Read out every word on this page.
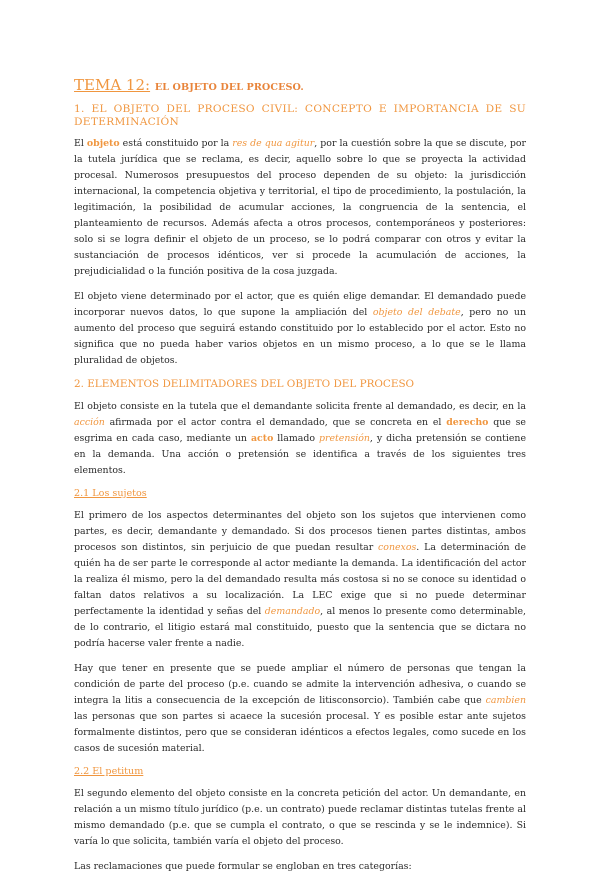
TEMA 12: EL OBJETO DEL PROCESO.
1. EL OBJETO DEL PROCESO CIVIL: CONCEPTO E IMPORTANCIA DE SU DETERMINACIÓN

El objeto está constituido por la res de qua agitur, por la cuestión sobre la que se discute, por la tutela jurídica que se reclama, es decir, aquello sobre lo que se proyecta la actividad procesal. Numerosos presupuestos del proceso dependen de su objeto: la jurisdicción internacional, la competencia objetiva y territorial, el tipo de procedimiento, la postulación, la legitimación, la posibilidad de acumular acciones, la congruencia de la sentencia, el planteamiento de recursos. Además afecta a otros procesos, contemporáneos y posteriores: solo si se logra definir el objeto de un proceso, se lo podrá comparar con otros y evitar la sustanciación de procesos idénticos, ver si procede la acumulación de acciones, la prejudicialidad o la función positiva de la cosa juzgada.

El objeto viene determinado por el actor, que es quién elige demandar. El demandado puede incorporar nuevos datos, lo que supone la ampliación del objeto del debate, pero no un aumento del proceso que seguirá estando constituido por lo establecido por el actor. Esto no significa que no pueda haber varios objetos en un mismo proceso, a lo que se le llama pluralidad de objetos.

2. ELEMENTOS DELIMITADORES DEL OBJETO DEL PROCESO

El objeto consiste en la tutela que el demandante solicita frente al demandado, es decir, en la acción afirmada por el actor contra el demandado, que se concreta en el derecho que se esgrima en cada caso, mediante un acto llamado pretensión, y dicha pretensión se contiene en la demanda. Una acción o pretensión se identifica a través de los siguientes tres elementos.

2.1 Los sujetos

El primero de los aspectos determinantes del objeto son los sujetos que intervienen como partes, es decir, demandante y demandado. Si dos procesos tienen partes distintas, ambos procesos son distintos, sin perjuicio de que puedan resultar conexos. La determinación de quién ha de ser parte le corresponde al actor mediante la demanda. La identificación del actor la realiza él mismo, pero la del demandado resulta más costosa si no se conoce su identidad o faltan datos relativos a su localización. La LEC exige que si no puede determinar perfectamente la identidad y señas del demandado, al menos lo presente como determinable, de lo contrario, el litigio estará mal constituido, puesto que la sentencia que se dictara no podría hacerse valer frente a nadie.

Hay que tener en presente que se puede ampliar el número de personas que tengan la condición de parte del proceso (p.e. cuando se admite la intervención adhesiva, o cuando se integra la litis a consecuencia de la excepción de litisconsorcio). También cabe que cambien las personas que son partes si acaece la sucesión procesal. Y es posible estar ante sujetos formalmente distintos, pero que se consideran idénticos a efectos legales, como sucede en los casos de sucesión material.

2.2 El petitum

El segundo elemento del objeto consiste en la concreta petición del actor. Un demandante, en relación a un mismo título jurídico (p.e. un contrato) puede reclamar distintas tutelas frente al mismo demandado (p.e. que se cumpla el contrato, o que se rescinda y se le indemnice). Si varía lo que solicita, también varía el objeto del proceso.

Las reclamaciones que puede formular se engloban en tres categorías:
